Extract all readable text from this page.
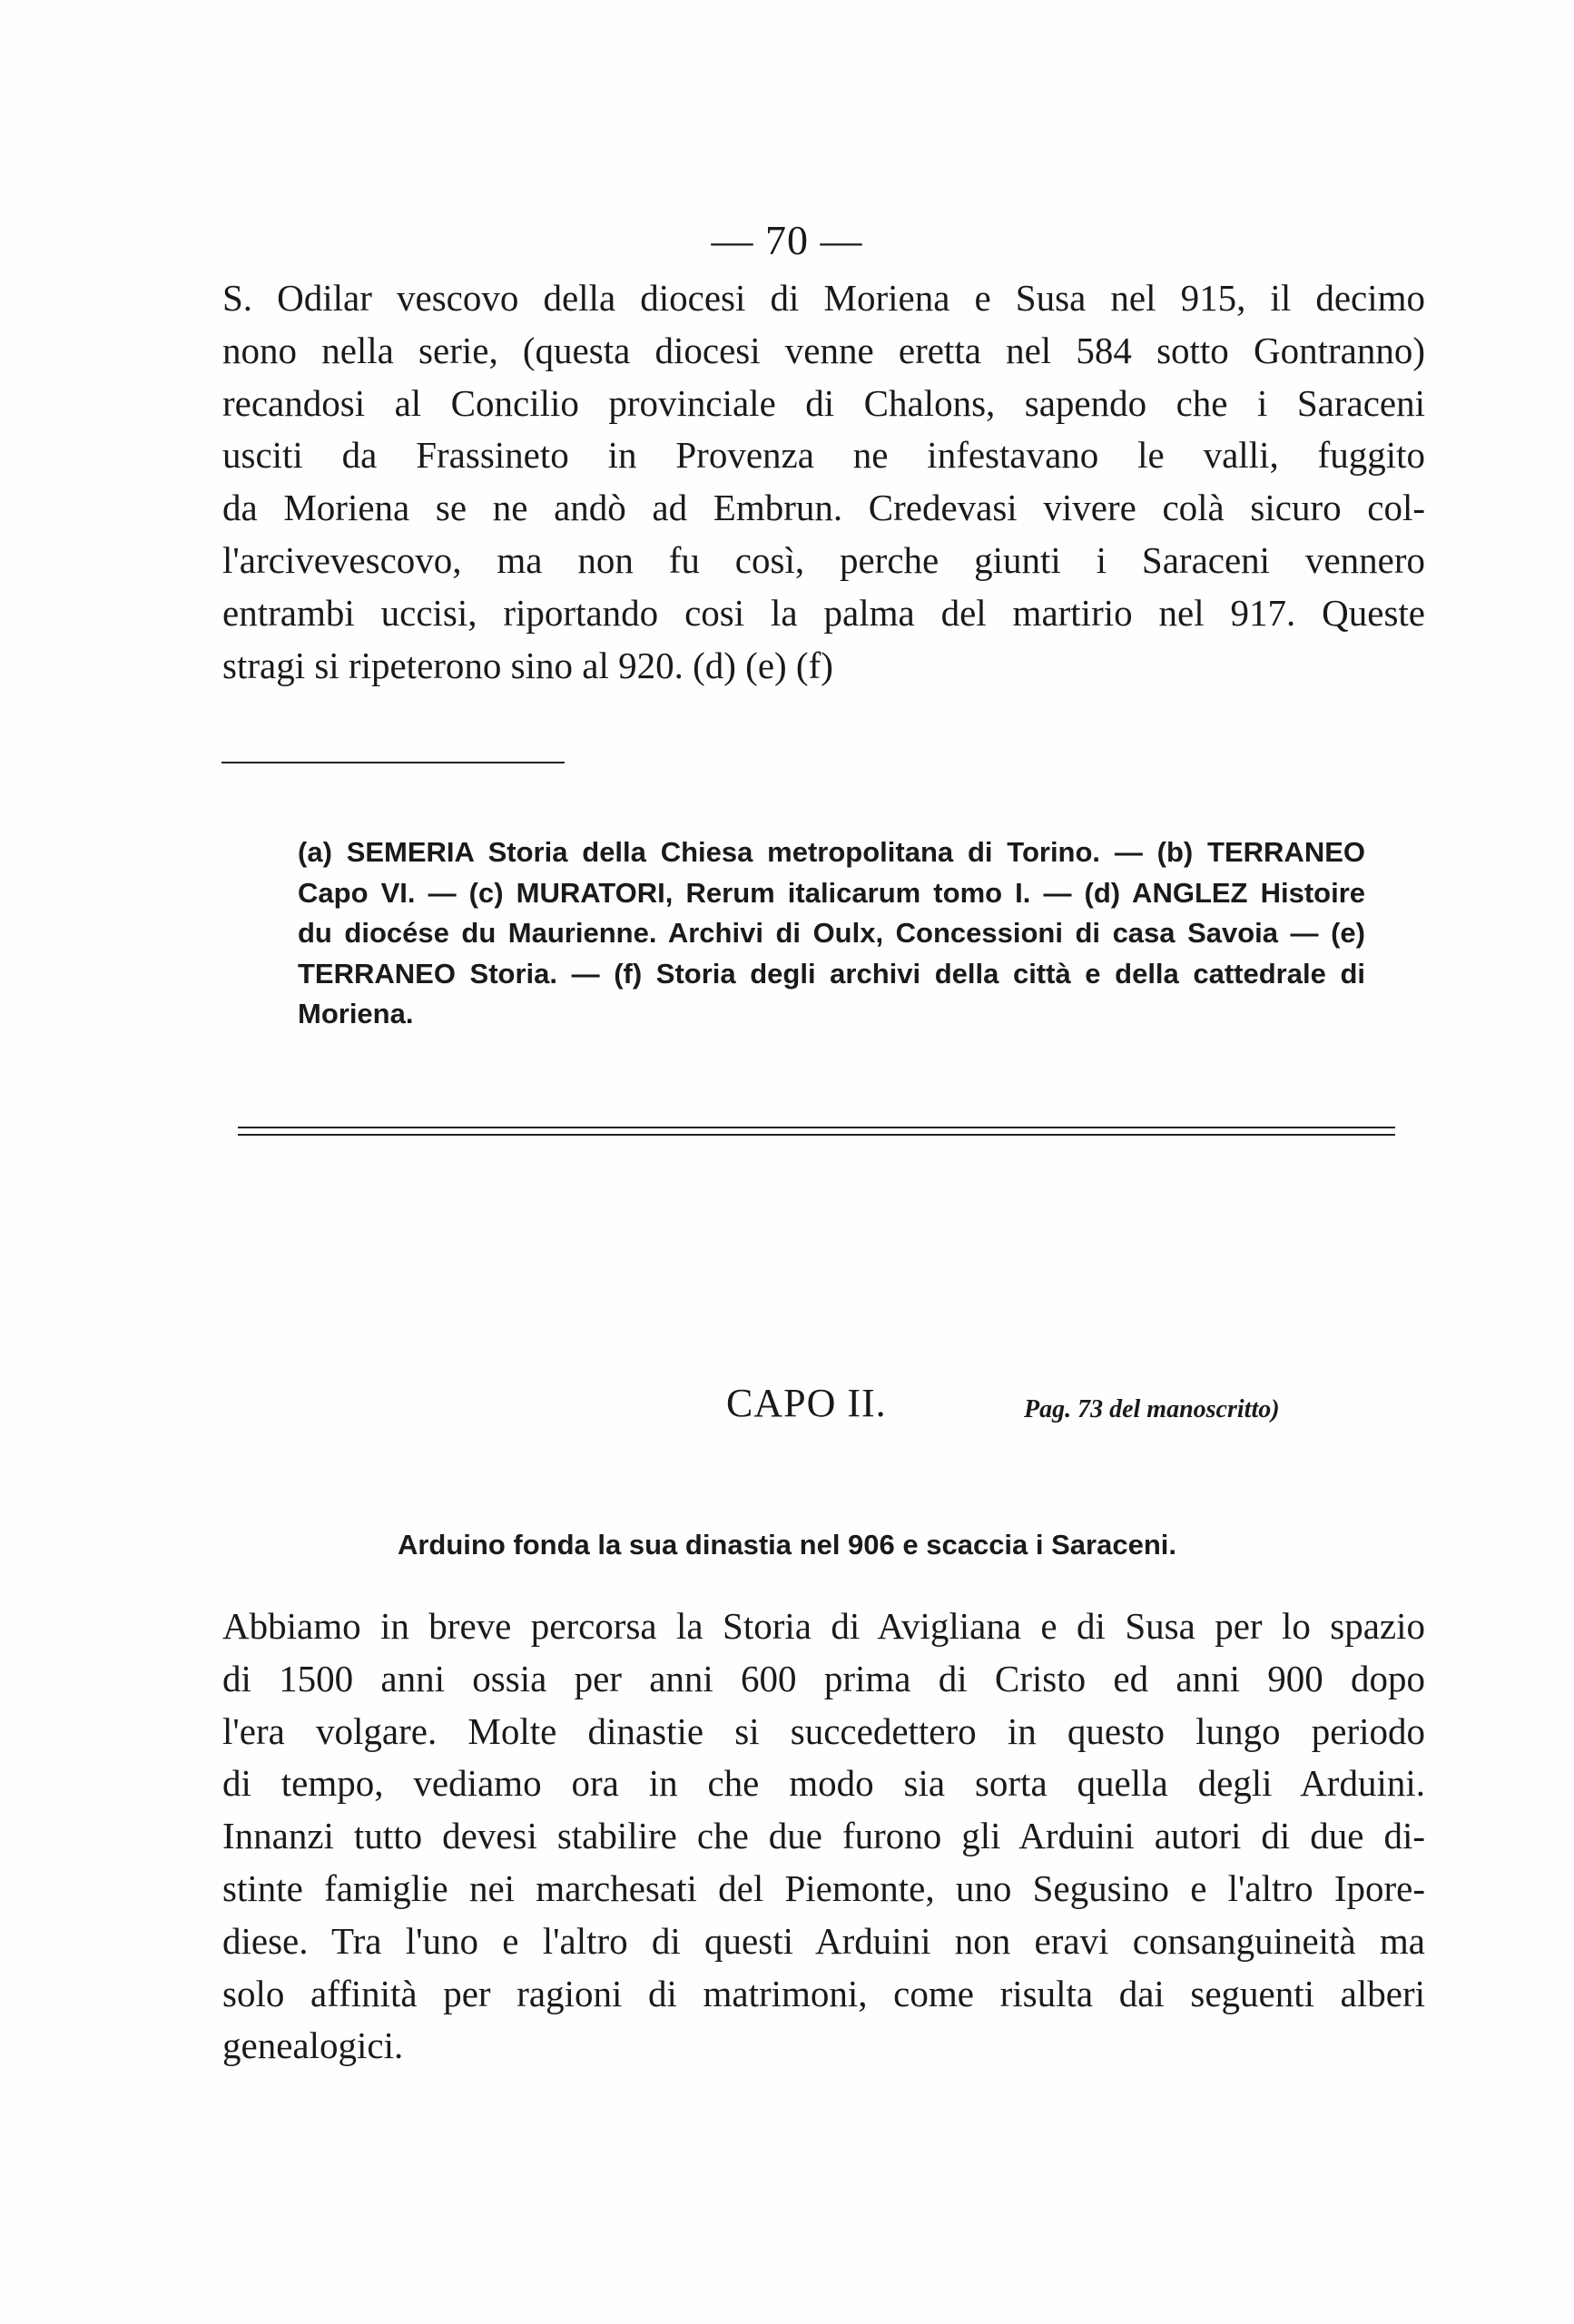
— 70 —
S. Odilar vescovo della diocesi di Moriena e Susa nel 915, il decimo
nono nella serie, (questa diocesi venne eretta nel 584 sotto Gontranno)
recandosi al Concilio provinciale di Chalons, sapendo che i Saraceni
usciti da Frassineto in Provenza ne infestavano le valli, fuggito
da Moriena se ne andò ad Embrun. Credevasi vivere colà sicuro col-
l'arcivevescovo, ma non fu così, perche giunti i Saraceni vennero
entrambi uccisi, riportando cosi la palma del martirio nel 917. Queste
stragi si ripeterono sino al 920. (d) (e) (f)
(a) SEMERIA Storia della Chiesa metropolitana di Torino. — (b) TERRANEO
Capo VI. — (c) MURATORI, Rerum italicarum tomo I. — (d) ANGLEZ Histoire
du diocése du Maurienne. Archivi di Oulx, Concessioni di casa Savoia — (e)
TERRANEO Storia. — (f) Storia degli archivi della città e della cattedrale di
Moriena.
CAPO II.	Pag. 73 del manoscritto)
Arduino fonda la sua dinastia nel 906 e scaccia i Saraceni.
Abbiamo in breve percorsa la Storia di Avigliana e di Susa per lo spazio
di 1500 anni ossia per anni 600 prima di Cristo ed anni 900 dopo
l'era volgare. Molte dinastie si succedettero in questo lungo periodo
di tempo, vediamo ora in che modo sia sorta quella degli Arduini.
Innanzi tutto devesi stabilire che due furono gli Arduini autori di due di-
stinte famiglie nei marchesati del Piemonte, uno Segusino e l'altro Iporе-
diese. Tra l'uno e l'altro di questi Arduini non eravi consanguineità ma
solo affinità per ragioni di matrimoni, come risulta dai seguenti alberi
genealogici.
